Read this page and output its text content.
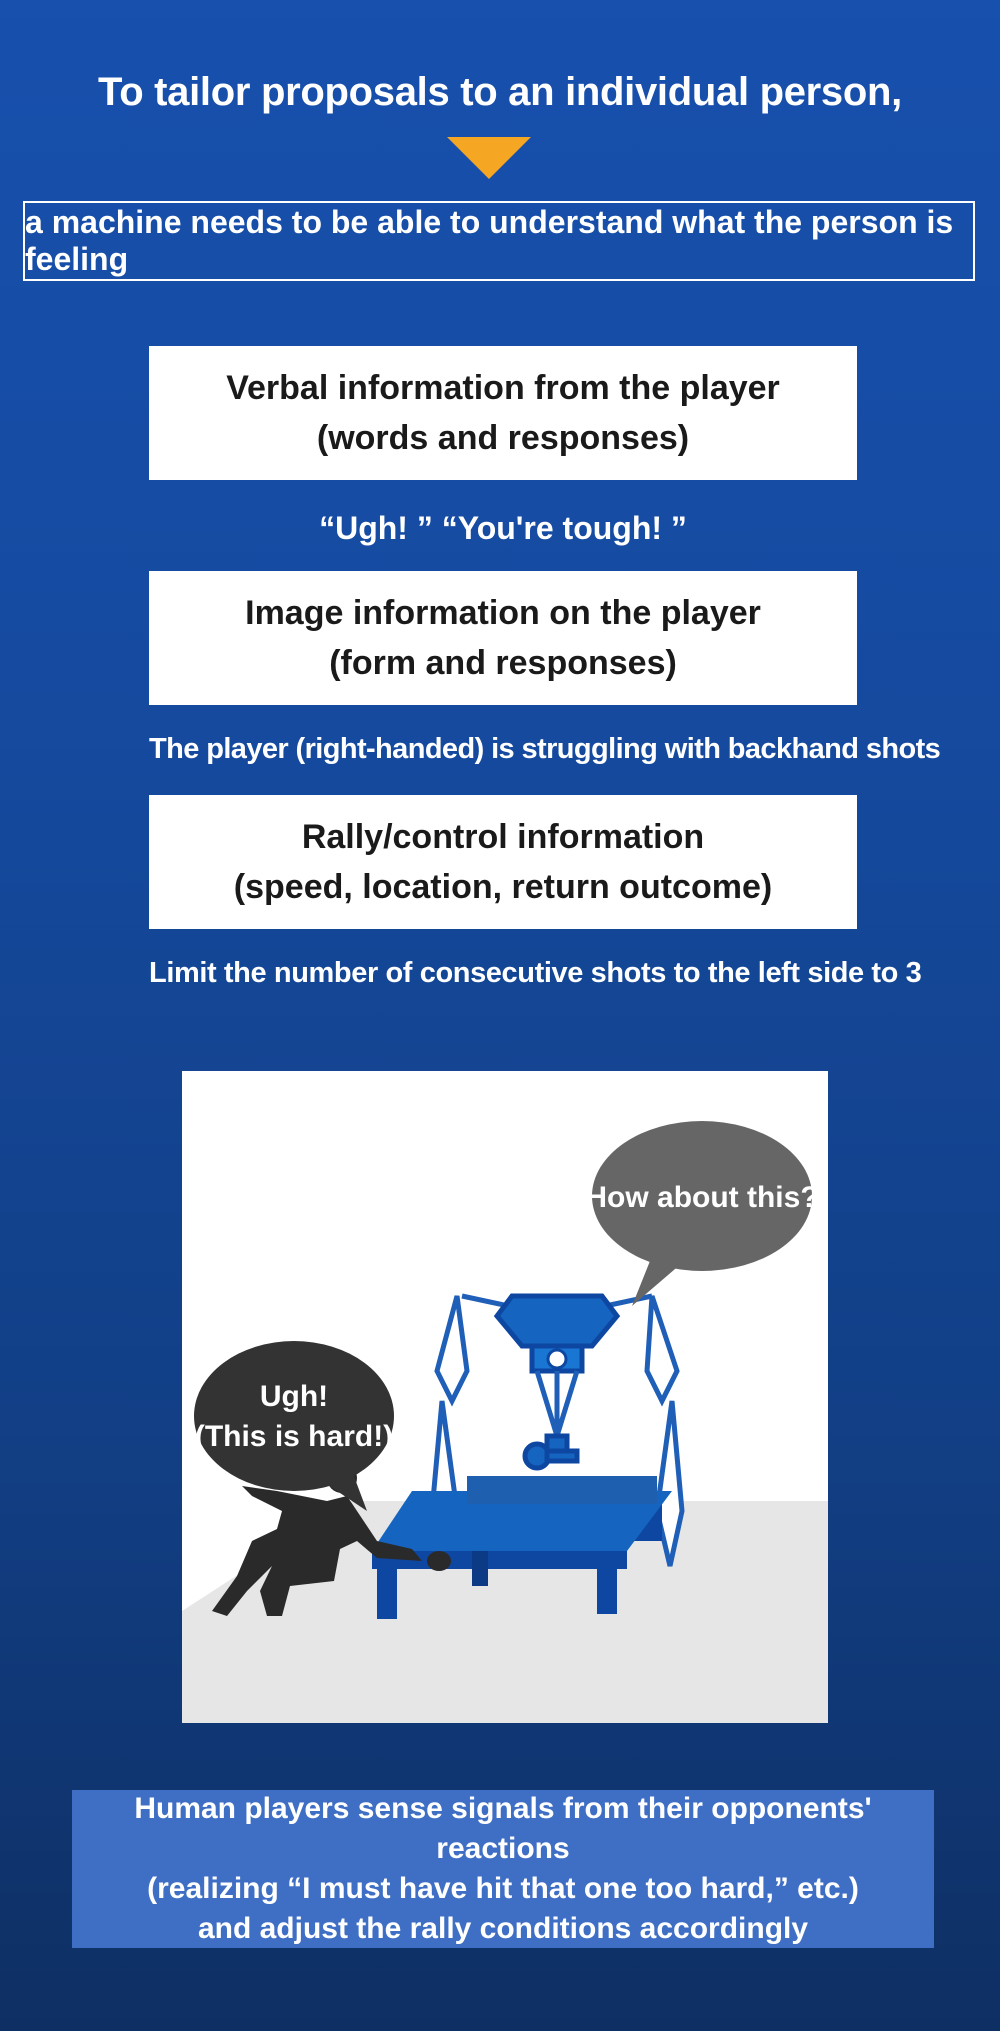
To tailor proposals to an individual person,
a machine needs to be able to understand what the person is feeling
Verbal information from the player
(words and responses)
“Ugh! ” “You're tough! ”
Image information on the player
(form and responses)
The player (right-handed) is struggling with backhand shots
Rally/control information
(speed, location, return outcome)
Limit the number of consecutive shots to the left side to 3
How about this?
Ugh!
(This is hard!)
Human players sense signals from their opponents' reactions
(realizing “I must have hit that one too hard,” etc.)
and adjust the rally conditions accordingly
